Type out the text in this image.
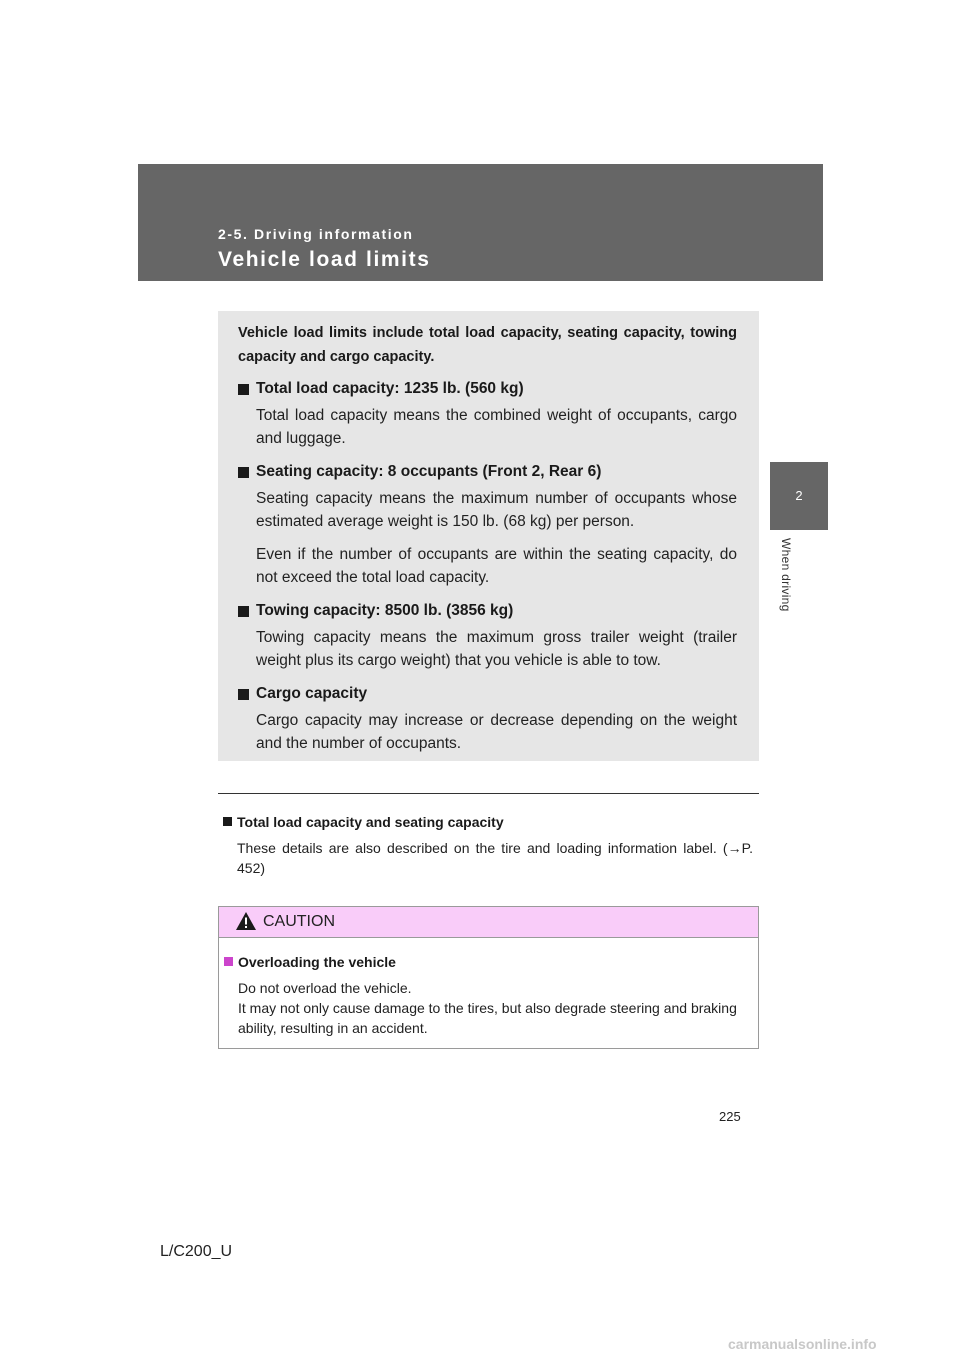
2-5. Driving information
Vehicle load limits
2
When driving

Vehicle load limits include total load capacity, seating capacity, towing capacity and cargo capacity.

Total load capacity: 1235 lb. (560 kg)
Total load capacity means the combined weight of occupants, cargo and luggage.
Seating capacity: 8 occupants (Front 2, Rear 6)
Seating capacity means the maximum number of occupants whose estimated average weight is 150 lb. (68 kg) per person.
Even if the number of occupants are within the seating capacity, do not exceed the total load capacity.
Towing capacity: 8500 lb. (3856 kg)
Towing capacity means the maximum gross trailer weight (trailer weight plus its cargo weight) that you vehicle is able to tow.
Cargo capacity
Cargo capacity may increase or decrease depending on the weight and the number of occupants.
Total load capacity and seating capacity
These details are also described on the tire and loading information label. (→P. 452)
CAUTION
Overloading the vehicle
Do not overload the vehicle.
It may not only cause damage to the tires, but also degrade steering and braking ability, resulting in an accident.
225
L/C200_U
carmanualsonline.info
